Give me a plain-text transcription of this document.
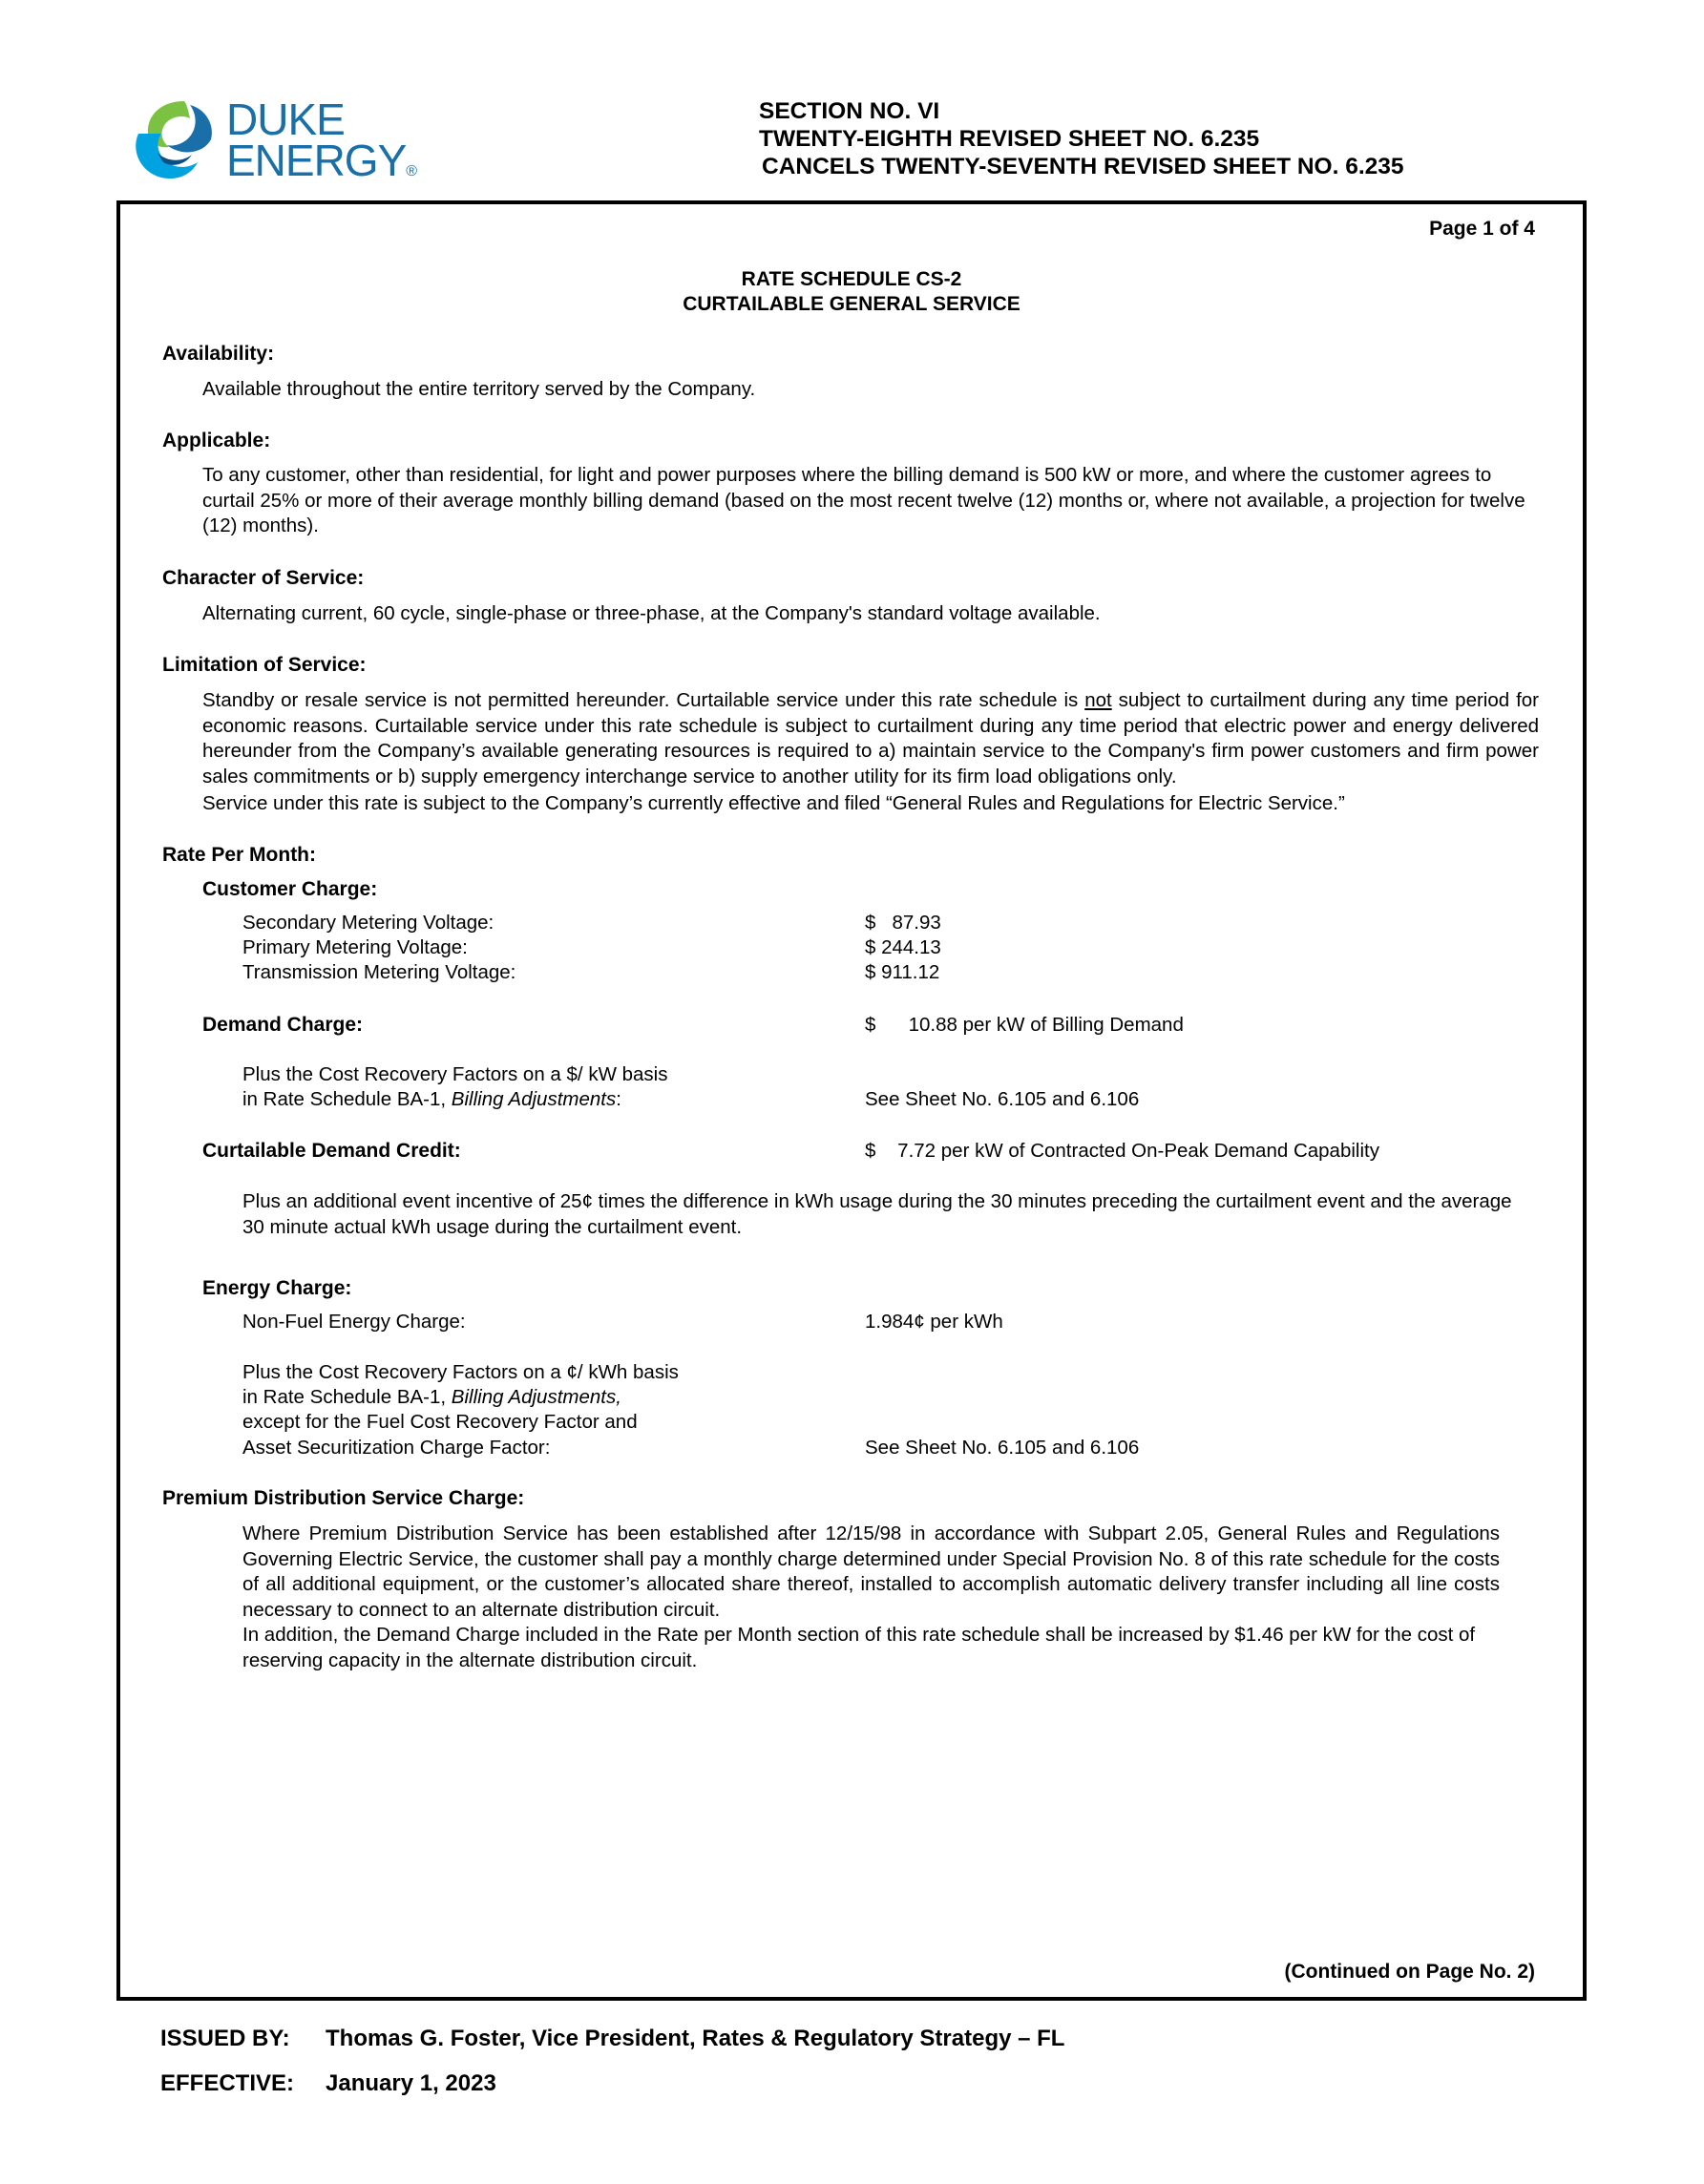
DUKE
ENERGY®
SECTION NO. VI
TWENTY-EIGHTH REVISED SHEET NO. 6.235
CANCELS TWENTY-SEVENTH REVISED SHEET NO. 6.235
Page 1 of 4
RATE SCHEDULE CS-2
CURTAILABLE GENERAL SERVICE
Availability:
Available throughout the entire territory served by the Company.
Applicable:
To any customer, other than residential, for light and power purposes where the billing demand is 500 kW or more, and where the customer agrees to curtail 25% or more of their average monthly billing demand (based on the most recent twelve (12) months or, where not available, a projection for twelve (12) months).
Character of Service:
Alternating current, 60 cycle, single-phase or three-phase, at the Company's standard voltage available.
Limitation of Service:
Standby or resale service is not permitted hereunder. Curtailable service under this rate schedule is not subject to curtailment during any time period for economic reasons. Curtailable service under this rate schedule is subject to curtailment during any time period that electric power and energy delivered hereunder from the Company’s available generating resources is required to a) maintain service to the Company's firm power customers and firm power sales commitments or b) supply emergency interchange service to another utility for its firm load obligations only.
Service under this rate is subject to the Company’s currently effective and filed “General Rules and Regulations for Electric Service.”
Rate Per Month:
Customer Charge:
Secondary Metering Voltage:	$   87.93
Primary Metering Voltage:	$ 244.13
Transmission Metering Voltage:	$ 911.12
Demand Charge:	$      10.88 per kW of Billing Demand
Plus the Cost Recovery Factors on a $/ kW basis
in Rate Schedule BA-1, Billing Adjustments:	See Sheet No. 6.105 and 6.106
Curtailable Demand Credit:	$    7.72 per kW of Contracted On-Peak Demand Capability
Plus an additional event incentive of 25¢ times the difference in kWh usage during the 30 minutes preceding the curtailment event and the average 30 minute actual kWh usage during the curtailment event.
Energy Charge:
Non-Fuel Energy Charge:	1.984¢ per kWh
Plus the Cost Recovery Factors on a ¢/ kWh basis
in Rate Schedule BA-1, Billing Adjustments,
except for the Fuel Cost Recovery Factor and
Asset Securitization Charge Factor:	See Sheet No. 6.105 and 6.106
Premium Distribution Service Charge:
Where Premium Distribution Service has been established after 12/15/98 in accordance with Subpart 2.05, General Rules and Regulations Governing Electric Service, the customer shall pay a monthly charge determined under Special Provision No. 8 of this rate schedule for the costs of all additional equipment, or the customer’s allocated share thereof, installed to accomplish automatic delivery transfer including all line costs necessary to connect to an alternate distribution circuit.
In addition, the Demand Charge included in the Rate per Month section of this rate schedule shall be increased by $1.46 per kW for the cost of reserving capacity in the alternate distribution circuit.
(Continued on Page No. 2)
ISSUED BY: Thomas G. Foster, Vice President, Rates & Regulatory Strategy – FL
EFFECTIVE: January 1, 2023
